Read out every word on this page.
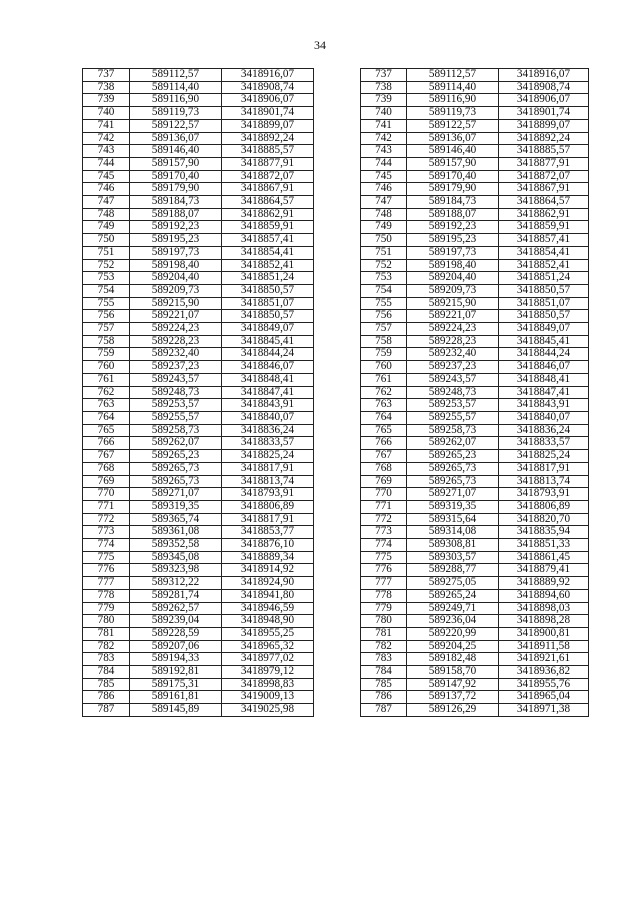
34
737	589112,57	3418916,07		737	589112,57	3418916,07
738	589114,40	3418908,74		738	589114,40	3418908,74
739	589116,90	3418906,07		739	589116,90	3418906,07
740	589119,73	3418901,74		740	589119,73	3418901,74
741	589122,57	3418899,07		741	589122,57	3418899,07
742	589136,07	3418892,24		742	589136,07	3418892,24
743	589146,40	3418885,57		743	589146,40	3418885,57
744	589157,90	3418877,91		744	589157,90	3418877,91
745	589170,40	3418872,07		745	589170,40	3418872,07
746	589179,90	3418867,91		746	589179,90	3418867,91
747	589184,73	3418864,57		747	589184,73	3418864,57
748	589188,07	3418862,91		748	589188,07	3418862,91
749	589192,23	3418859,91		749	589192,23	3418859,91
750	589195,23	3418857,41		750	589195,23	3418857,41
751	589197,73	3418854,41		751	589197,73	3418854,41
752	589198,40	3418852,41		752	589198,40	3418852,41
753	589204,40	3418851,24		753	589204,40	3418851,24
754	589209,73	3418850,57		754	589209,73	3418850,57
755	589215,90	3418851,07		755	589215,90	3418851,07
756	589221,07	3418850,57		756	589221,07	3418850,57
757	589224,23	3418849,07		757	589224,23	3418849,07
758	589228,23	3418845,41		758	589228,23	3418845,41
759	589232,40	3418844,24		759	589232,40	3418844,24
760	589237,23	3418846,07		760	589237,23	3418846,07
761	589243,57	3418848,41		761	589243,57	3418848,41
762	589248,73	3418847,41		762	589248,73	3418847,41
763	589253,57	3418843,91		763	589253,57	3418843,91
764	589255,57	3418840,07		764	589255,57	3418840,07
765	589258,73	3418836,24		765	589258,73	3418836,24
766	589262,07	3418833,57		766	589262,07	3418833,57
767	589265,23	3418825,24		767	589265,23	3418825,24
768	589265,73	3418817,91		768	589265,73	3418817,91
769	589265,73	3418813,74		769	589265,73	3418813,74
770	589271,07	3418793,91		770	589271,07	3418793,91
771	589319,35	3418806,89		771	589319,35	3418806,89
772	589365,74	3418817,91		772	589315,64	3418820,70
773	589361,08	3418853,77		773	589314,08	3418835,94
774	589352,58	3418876,10		774	589308,81	3418851,33
775	589345,08	3418889,34		775	589303,57	3418861,45
776	589323,98	3418914,92		776	589288,77	3418879,41
777	589312,22	3418924,90		777	589275,05	3418889,92
778	589281,74	3418941,80		778	589265,24	3418894,60
779	589262,57	3418946,59		779	589249,71	3418898,03
780	589239,04	3418948,90		780	589236,04	3418898,28
781	589228,59	3418955,25		781	589220,99	3418900,81
782	589207,06	3418965,32		782	589204,25	3418911,58
783	589194,33	3418977,02		783	589182,48	3418921,61
784	589192,81	3418979,12		784	589158,70	3418936,82
785	589175,31	3418998,83		785	589147,92	3418955,76
786	589161,81	3419009,13		786	589137,72	3418965,04
787	589145,89	3419025,98		787	589126,29	3418971,38
